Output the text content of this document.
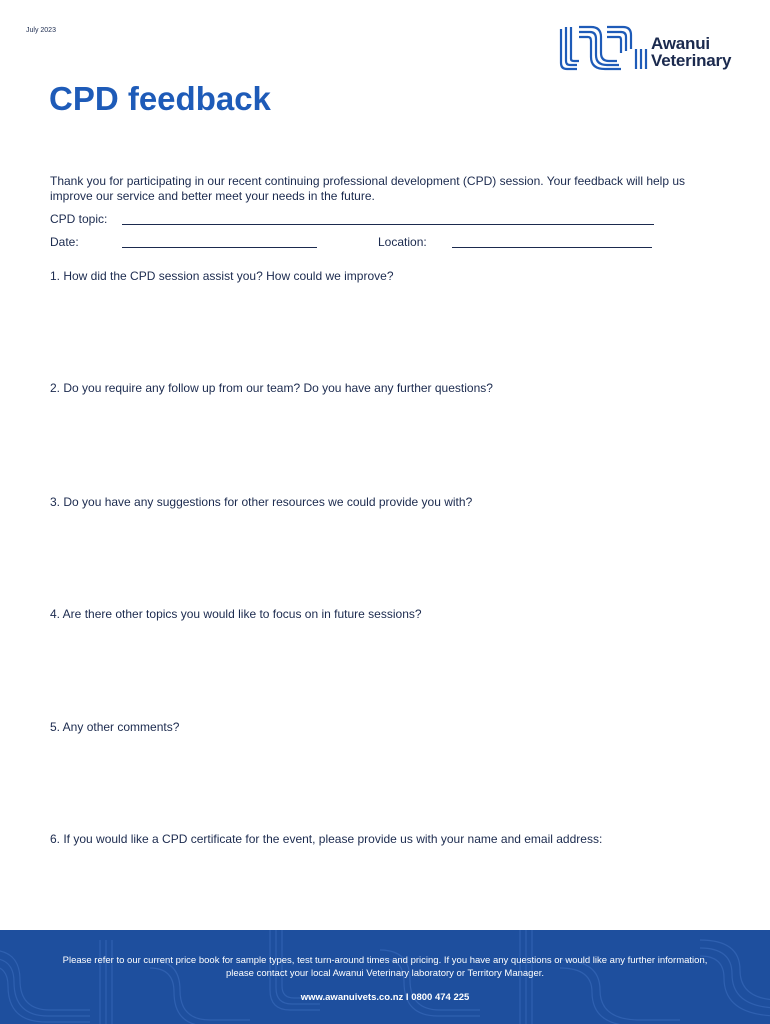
July 2023
Awanui
Veterinary
CPD feedback
Thank you for participating in our recent continuing professional development (CPD) session. Your feedback will help us improve our service and better meet your needs in the future.
CPD topic:
Date:	Location:
1. How did the CPD session assist you? How could we improve?
2. Do you require any follow up from our team? Do you have any further questions?
3. Do you have any suggestions for other resources we could provide you with?
4. Are there other topics you would like to focus on in future sessions?
5. Any other comments?
6. If you would like a CPD certificate for the event, please provide us with your name and email address:
Please refer to our current price book for sample types, test turn-around times and pricing. If you have any questions or would like any further information, please contact your local Awanui Veterinary laboratory or Territory Manager.
www.awanuivets.co.nz I 0800 474 225
